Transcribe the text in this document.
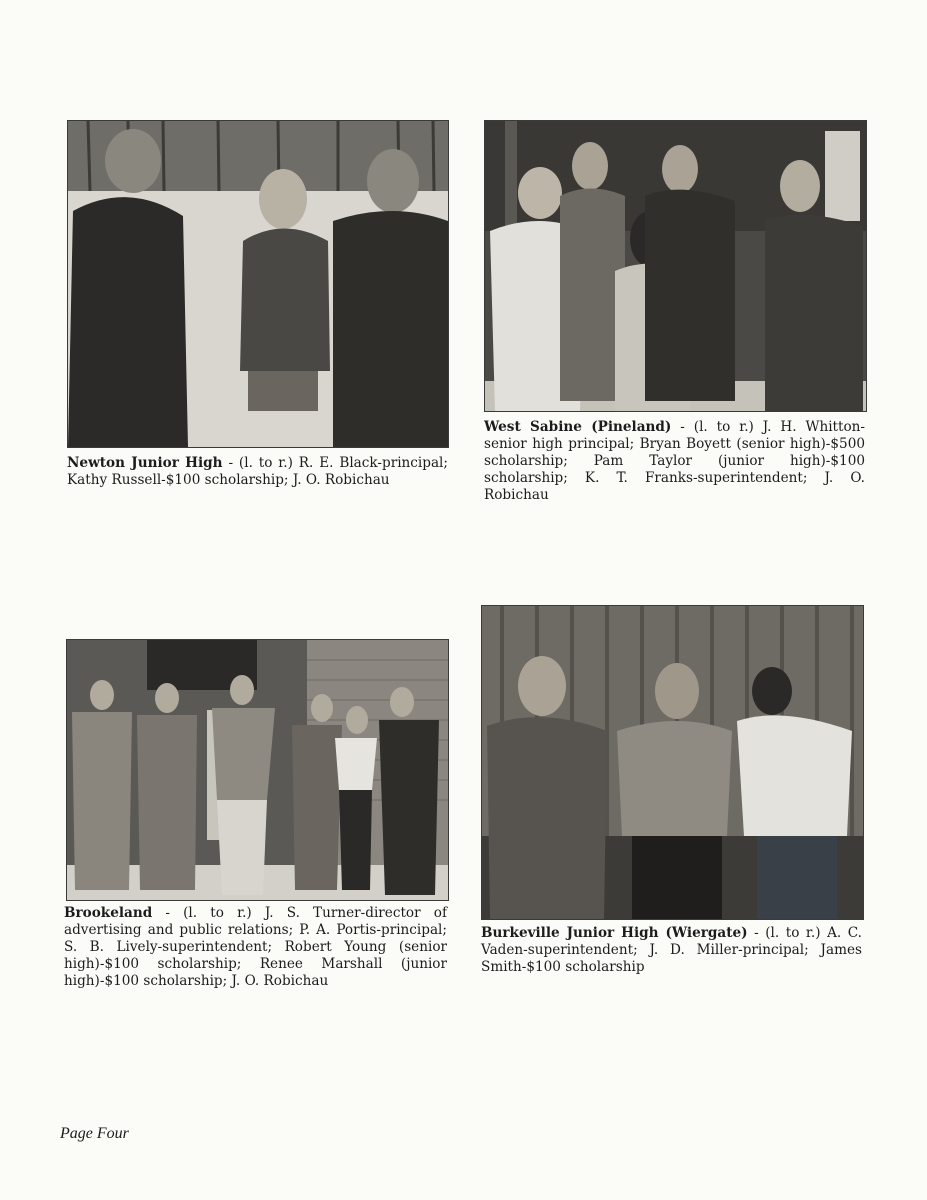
Newton Junior High - (l. to r.) R. E. Black-principal; Kathy Russell-$100 scholarship; J. O. Robichau

West Sabine (Pineland) - (l. to r.) J. H. Whitton-senior high principal; Bryan Boyett (senior high)-$500 scholarship; Pam Taylor (junior high)-$100 scholarship; K. T. Franks-superintendent; J. O. Robichau

Brookeland - (l. to r.) J. S. Turner-director of advertising and public relations; P. A. Portis-principal; S. B. Lively-superintendent; Robert Young (senior high)-$100 scholarship; Renee Marshall (junior high)-$100 scholarship; J. O. Robichau

Burkeville Junior High (Wiergate) - (l. to r.) A. C. Vaden-superintendent; J. D. Miller-principal; James Smith-$100 scholarship

Page Four
